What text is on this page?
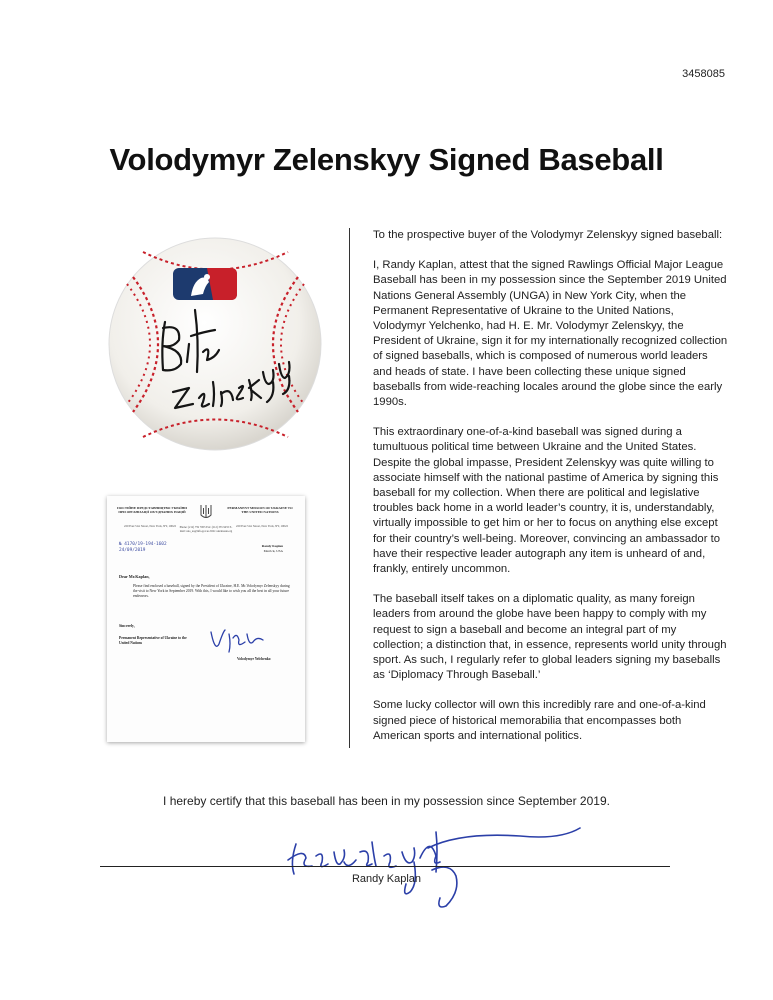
3458085
Volodymyr Zelenskyy Signed Baseball
ПОСТІЙНЕ ПРЕДСТАВНИЦТВО УКРАЇНИ ПРИ ОРГАНІЗАЦІЇ ОБ'ЄДНАНИХ НАЦІЙ
PERMANENT MISSION OF UKRAINE TO THE UNITED NATIONS
220 East 51st Street, New York, NY, 10022	Phone: (212) 759 7003 Fax: (212) 355 9455 E-mail: uno_us@mfa.gov.ua Web: ukraineun.org
220 East 51st Street, New York, NY, 10022
№ 4170/19-194-1602
24/09/2019
Randy Kaplan
Merrick, USA
Dear Mr.Kaplan,
Please find enclosed a baseball, signed by the President of Ukraine, H.E. Mr.Volodymyr Zelenskyy during the visit to New York in September 2019. With this, I would like to wish you all the best in all your future endeavors.
Sincerely,
Permanent Representative of Ukraine to the United Nations
Volodymyr Yelchenko

To the prospective buyer of the Volodymyr Zelenskyy signed baseball:

I, Randy Kaplan, attest that the signed Rawlings Official Major League Baseball has been in my possession since the September 2019 United Nations General Assembly (UNGA) in New York City, when the Permanent Representative of Ukraine to the United Nations, Volodymyr Yelchenko, had H. E. Mr. Volodymyr Zelenskyy, the President of Ukraine, sign it for my internationally recognized collection of signed baseballs, which is composed of numerous world leaders and heads of state. I have been collecting these unique signed baseballs from wide-reaching locales around the globe since the early 1990s.

This extraordinary one-of-a-kind baseball was signed during a tumultuous political time between Ukraine and the United States. Despite the global impasse, President Zelenskyy was quite willing to associate himself with the national pastime of America by signing this baseball for my collection. When there are political and legislative troubles back home in a world leader’s country, it is, understandably, virtually impossible to get him or her to focus on anything else except for their country’s well-being. Moreover, convincing an ambassador to have their respective leader autograph any item is unheard of and, frankly, entirely uncommon.

The baseball itself takes on a diplomatic quality, as many foreign leaders from around the globe have been happy to comply with my request to sign a baseball and become an integral part of my collection; a distinction that, in essence, represents world unity through sport. As such, I regularly refer to global leaders signing my baseballs as ‘Diplomacy Through Baseball.’

Some lucky collector will own this incredibly rare and one-of-a-kind signed piece of historical memorabilia that encompasses both American sports and international politics.

I hereby certify that this baseball has been in my possession since September 2019.
Randy Kaplan
